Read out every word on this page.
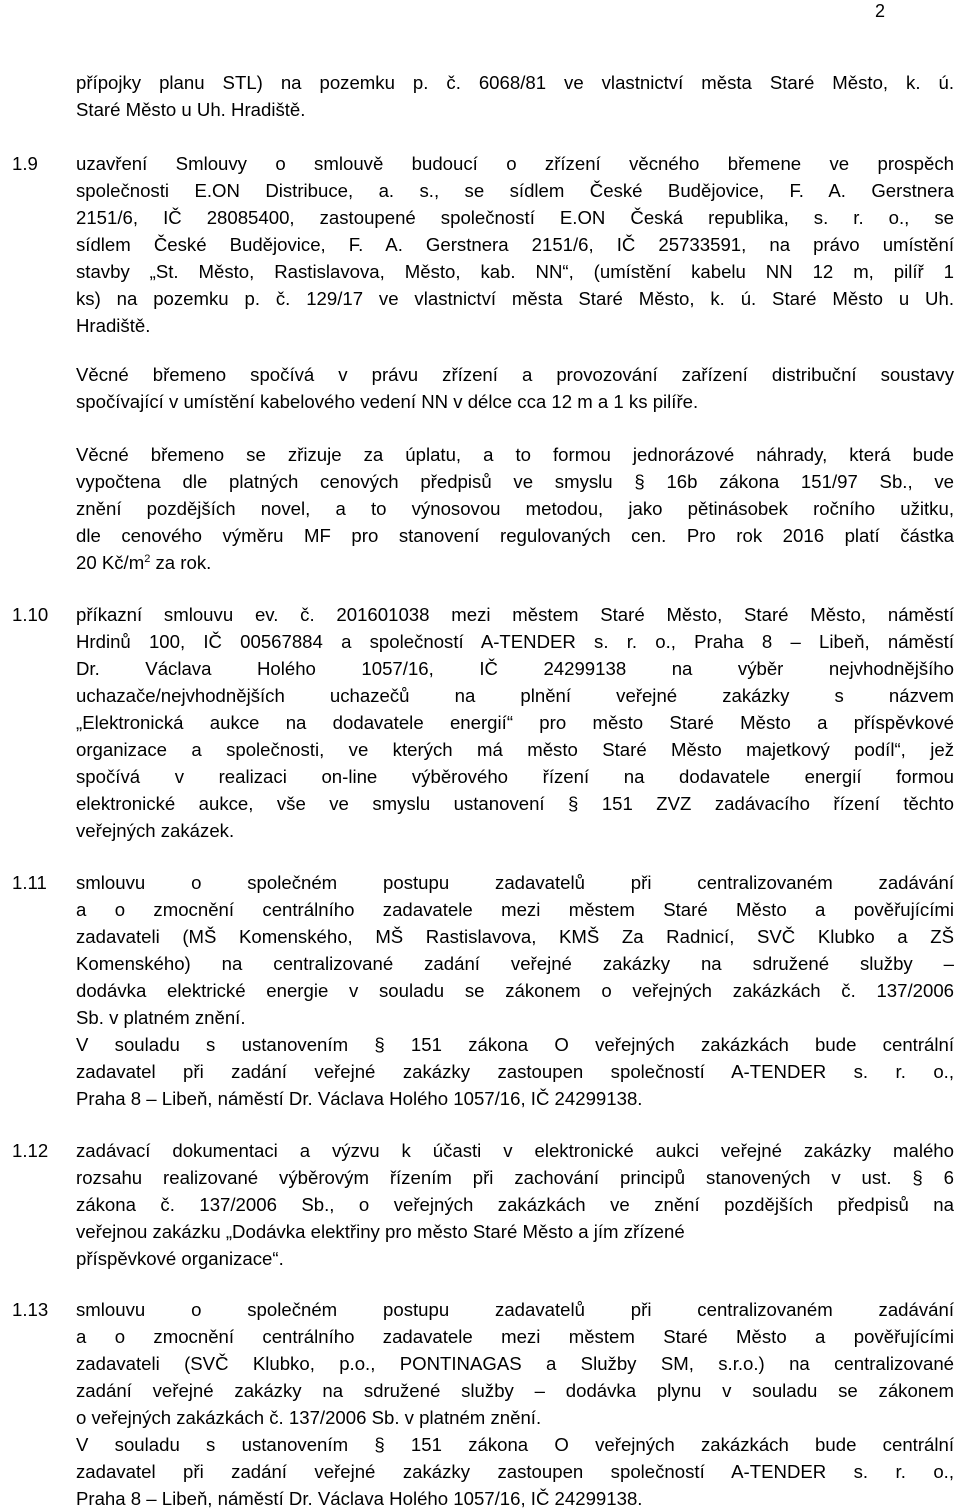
2
přípojky planu STL) na pozemku p. č. 6068/81 ve vlastnictví města Staré Město, k. ú.
Staré Město u Uh. Hradiště.
1.9	uzavření Smlouvy o smlouvě budoucí o zřízení věcného břemene ve prospěch
společnosti E.ON Distribuce, a. s., se sídlem České Budějovice, F. A. Gerstnera
2151/6, IČ 28085400, zastoupené společností E.ON Česká republika, s. r. o., se
sídlem České Budějovice, F. A. Gerstnera 2151/6, IČ 25733591, na právo umístění
stavby „St. Město, Rastislavova, Město, kab. NN“, (umístění kabelu NN 12 m, pilíř 1
ks) na pozemku p. č. 129/17 ve vlastnictví města Staré Město, k. ú. Staré Město u Uh.
Hradiště.
Věcné břemeno spočívá v právu zřízení a provozování zařízení distribuční soustavy
spočívající v umístění kabelového vedení NN v délce cca 12 m a 1 ks pilíře.
Věcné břemeno se zřizuje za úplatu, a to formou jednorázové náhrady, která bude
vypočtena dle platných cenových předpisů ve smyslu § 16b zákona 151/97 Sb., ve
znění pozdějších novel, a to výnosovou metodou, jako pětinásobek ročního užitku,
dle cenového výměru MF pro stanovení regulovaných cen. Pro rok 2016 platí částka
20 $Kč/m^2$ za rok.
1.10	příkazní smlouvu ev. č. 201601038 mezi městem Staré Město, Staré Město, náměstí
Hrdinů 100, IČ 00567884 a společností A-TENDER s. r. o., Praha 8 – Libeň, náměstí
Dr. Václava Holého 1057/16, IČ 24299138 na výběr nejvhodnějšího
uchazače/nejvhodnějších uchazečů na plnění veřejné zakázky s názvem
„Elektronická aukce na dodavatele energií“ pro město Staré Město a příspěvkové
organizace a společnosti, ve kterých má město Staré Město majetkový podíl“, jež
spočívá v realizaci on-line výběrového řízení na dodavatele energií formou
elektronické aukce, vše ve smyslu ustanovení § 151 ZVZ zadávacího řízení těchto
veřejných zakázek.
1.11	smlouvu o společném postupu zadavatelů při centralizovaném zadávání
a o zmocnění centrálního zadavatele mezi městem Staré Město a pověřujícími
zadavateli (MŠ Komenského, MŠ Rastislavova, KMŠ Za Radnicí, SVČ Klubko a ZŠ
Komenského) na centralizované zadání veřejné zakázky na sdružené služby –
dodávka elektrické energie v souladu se zákonem o veřejných zakázkách č. 137/2006
Sb. v platném znění.
V souladu s ustanovením § 151 zákona O veřejných zakázkách bude centrální
zadavatel při zadání veřejné zakázky zastoupen společností A-TENDER s. r. o.,
Praha 8 – Libeň, náměstí Dr. Václava Holého 1057/16, IČ 24299138.
1.12	zadávací dokumentaci a výzvu k účasti v elektronické aukci veřejné zakázky malého
rozsahu realizované výběrovým řízením při zachování principů stanovených v ust. § 6
zákona č. 137/2006 Sb., o veřejných zakázkách ve znění pozdějších předpisů na
veřejnou zakázku „Dodávka elektřiny pro město Staré Město a jím zřízené
příspěvkové organizace“.
1.13	smlouvu o společném postupu zadavatelů při centralizovaném zadávání
a o zmocnění centrálního zadavatele mezi městem Staré Město a pověřujícími
zadavateli (SVČ Klubko, p.o., PONTINAGAS a Služby SM, s.r.o.) na centralizované
zadání veřejné zakázky na sdružené služby – dodávka plynu v souladu se zákonem
o veřejných zakázkách č. 137/2006 Sb. v platném znění.
V souladu s ustanovením § 151 zákona O veřejných zakázkách bude centrální
zadavatel při zadání veřejné zakázky zastoupen společností A-TENDER s. r. o.,
Praha 8 – Libeň, náměstí Dr. Václava Holého 1057/16, IČ 24299138.
